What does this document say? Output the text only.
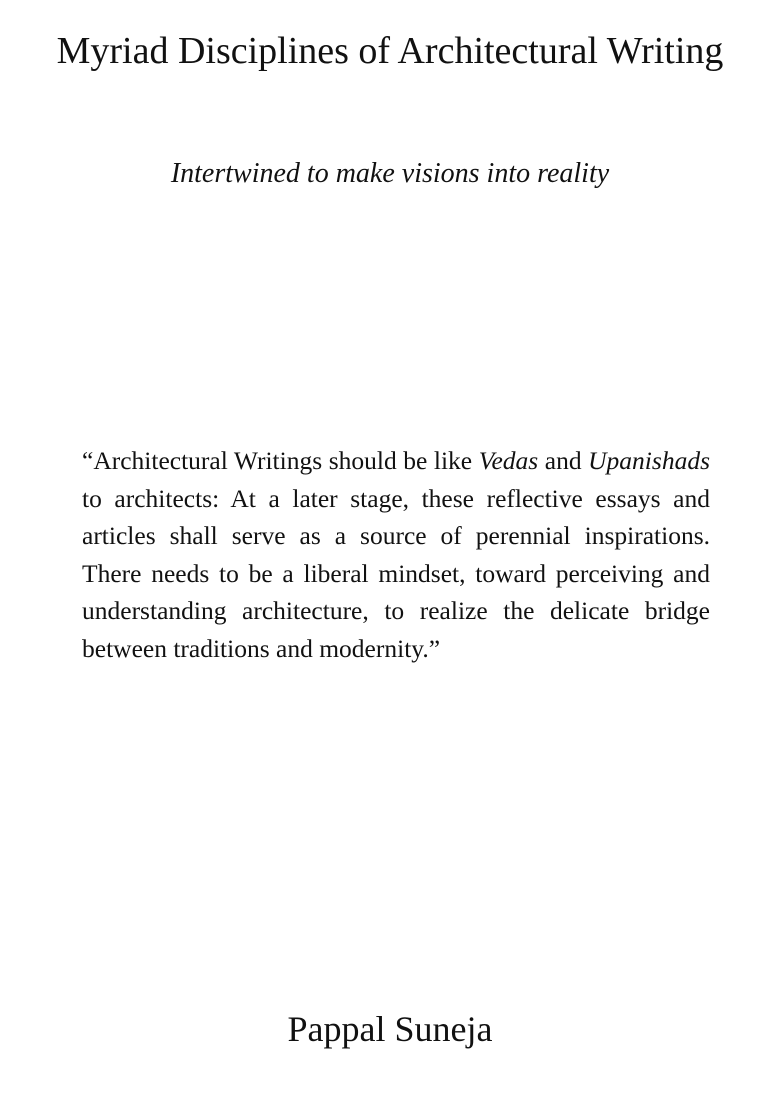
Myriad Disciplines of Architectural Writing
Intertwined to make visions into reality
“Architectural Writings should be like Vedas and Upanishads to architects: At a later stage, these reflective essays and articles shall serve as a source of perennial inspirations. There needs to be a liberal mindset, toward perceiving and understanding architecture, to realize the delicate bridge between traditions and modernity.”
Pappal Suneja
